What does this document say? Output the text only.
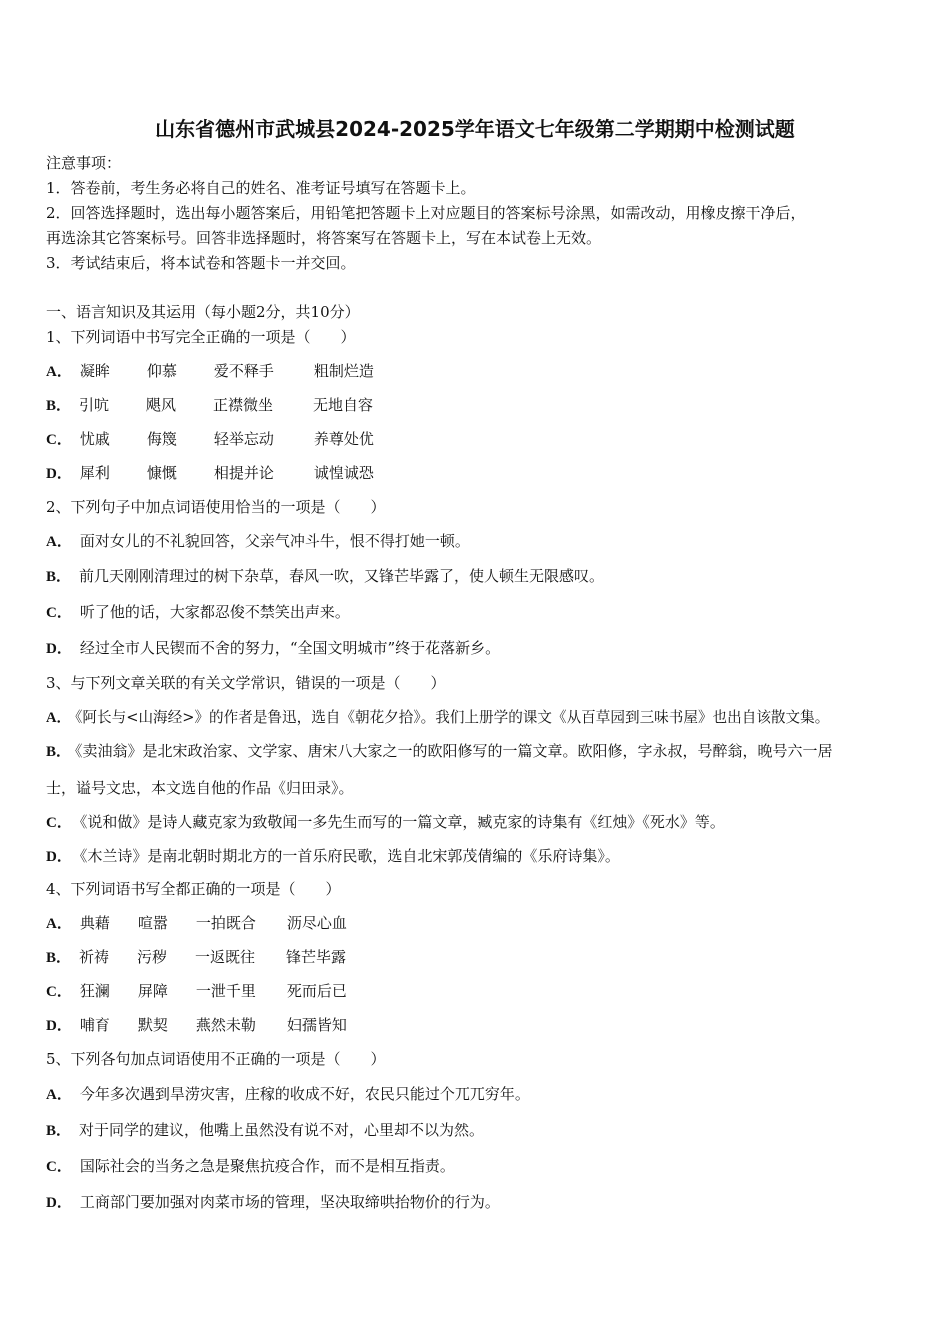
山东省德州市武城县2024-2025学年语文七年级第二学期期中检测试题
注意事项：
1．答卷前，考生务必将自己的姓名、准考证号填写在答题卡上。
2．回答选择题时，选出每小题答案后，用铅笔把答题卡上对应题目的答案标号涂黑，如需改动，用橡皮擦干净后，
再选涂其它答案标号。回答非选择题时，将答案写在答题卡上，写在本试卷上无效。
3．考试结束后，将本试卷和答题卡一并交回。
一、语言知识及其运用（每小题2分，共10分）
1、下列词语中书写完全正确的一项是（　　）
A． 凝眸 仰慕 爱不释手	粗制烂造
B． 引吭 飓风 正襟微坐	无地自容
C． 忧戚 侮篾 轻举忘动	养尊处优
D． 犀利 慷慨 相提并论	诚惶诚恐
2、下列句子中加点词语使用恰当的一项是（　　）
A． 面对女儿的不礼貌回答，父亲气冲斗牛，恨不得打她一顿。
B． 前几天刚刚清理过的树下杂草，春风一吹，又锋芒毕露了，使人顿生无限感叹。
C． 听了他的话，大家都忍俊不禁笑出声来。
D． 经过全市人民锲而不舍的努力，“全国文明城市”终于花落新乡。
3、与下列文章关联的有关文学常识，错误的一项是（　　）
A． 《阿长与<山海经>》的作者是鲁迅，选自《朝花夕拾》。我们上册学的课文《从百草园到三味书屋》也出自该散文集。
B． 《卖油翁》是北宋政治家、文学家、唐宋八大家之一的欧阳修写的一篇文章。欧阳修，字永叔，号醉翁，晚号六一居
士，谥号文忠，本文选自他的作品《归田录》。
C． 《说和做》是诗人藏克家为致敬闻一多先生而写的一篇文章，臧克家的诗集有《红烛》《死水》等。
D． 《木兰诗》是南北朝时期北方的一首乐府民歌，选自北宋郭茂倩编的《乐府诗集》。
4、下列词语书写全都正确的一项是（　　）
A． 典藉 喧嚣 一拍既合 沥尽心血
B． 祈祷 污秽 一返既往 锋芒毕露
C． 狂澜 屏障 一泄千里 死而后已
D． 哺育 默契 燕然未勒 妇孺皆知
5、下列各句加点词语使用不正确的一项是（　　）
A． 今年多次遇到旱涝灾害，庄稼的收成不好，农民只能过个兀兀穷年。
B． 对于同学的建议，他嘴上虽然没有说不对，心里却不以为然。
C． 国际社会的当务之急是聚焦抗疫合作，而不是相互指责。
D． 工商部门要加强对肉菜市场的管理，坚决取缔哄抬物价的行为。
